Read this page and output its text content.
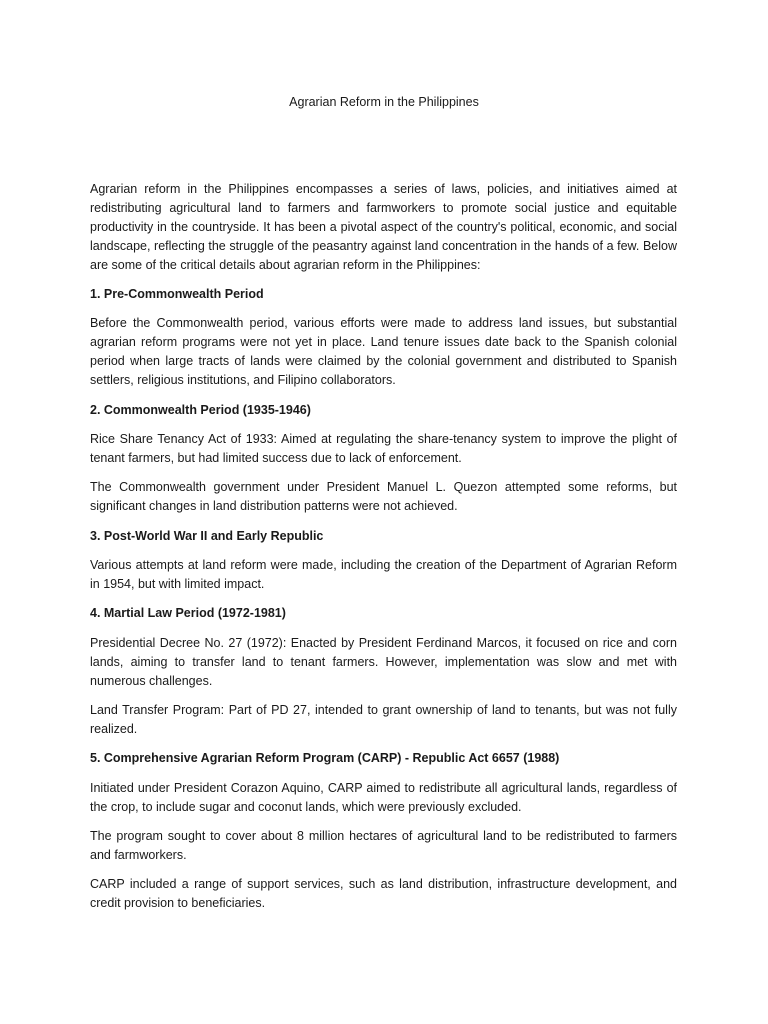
Agrarian Reform in the Philippines

Agrarian reform in the Philippines encompasses a series of laws, policies, and initiatives aimed at redistributing agricultural land to farmers and farmworkers to promote social justice and equitable productivity in the countryside. It has been a pivotal aspect of the country's political, economic, and social landscape, reflecting the struggle of the peasantry against land concentration in the hands of a few. Below are some of the critical details about agrarian reform in the Philippines:

1. Pre-Commonwealth Period

Before the Commonwealth period, various efforts were made to address land issues, but substantial agrarian reform programs were not yet in place. Land tenure issues date back to the Spanish colonial period when large tracts of lands were claimed by the colonial government and distributed to Spanish settlers, religious institutions, and Filipino collaborators.

2. Commonwealth Period (1935-1946)

Rice Share Tenancy Act of 1933: Aimed at regulating the share-tenancy system to improve the plight of tenant farmers, but had limited success due to lack of enforcement.

The Commonwealth government under President Manuel L. Quezon attempted some reforms, but significant changes in land distribution patterns were not achieved.

3. Post-World War II and Early Republic

Various attempts at land reform were made, including the creation of the Department of Agrarian Reform in 1954, but with limited impact.

4. Martial Law Period (1972-1981)

Presidential Decree No. 27 (1972): Enacted by President Ferdinand Marcos, it focused on rice and corn lands, aiming to transfer land to tenant farmers. However, implementation was slow and met with numerous challenges.

Land Transfer Program: Part of PD 27, intended to grant ownership of land to tenants, but was not fully realized.

5. Comprehensive Agrarian Reform Program (CARP) - Republic Act 6657 (1988)

Initiated under President Corazon Aquino, CARP aimed to redistribute all agricultural lands, regardless of the crop, to include sugar and coconut lands, which were previously excluded.

The program sought to cover about 8 million hectares of agricultural land to be redistributed to farmers and farmworkers.

CARP included a range of support services, such as land distribution, infrastructure development, and credit provision to beneficiaries.
